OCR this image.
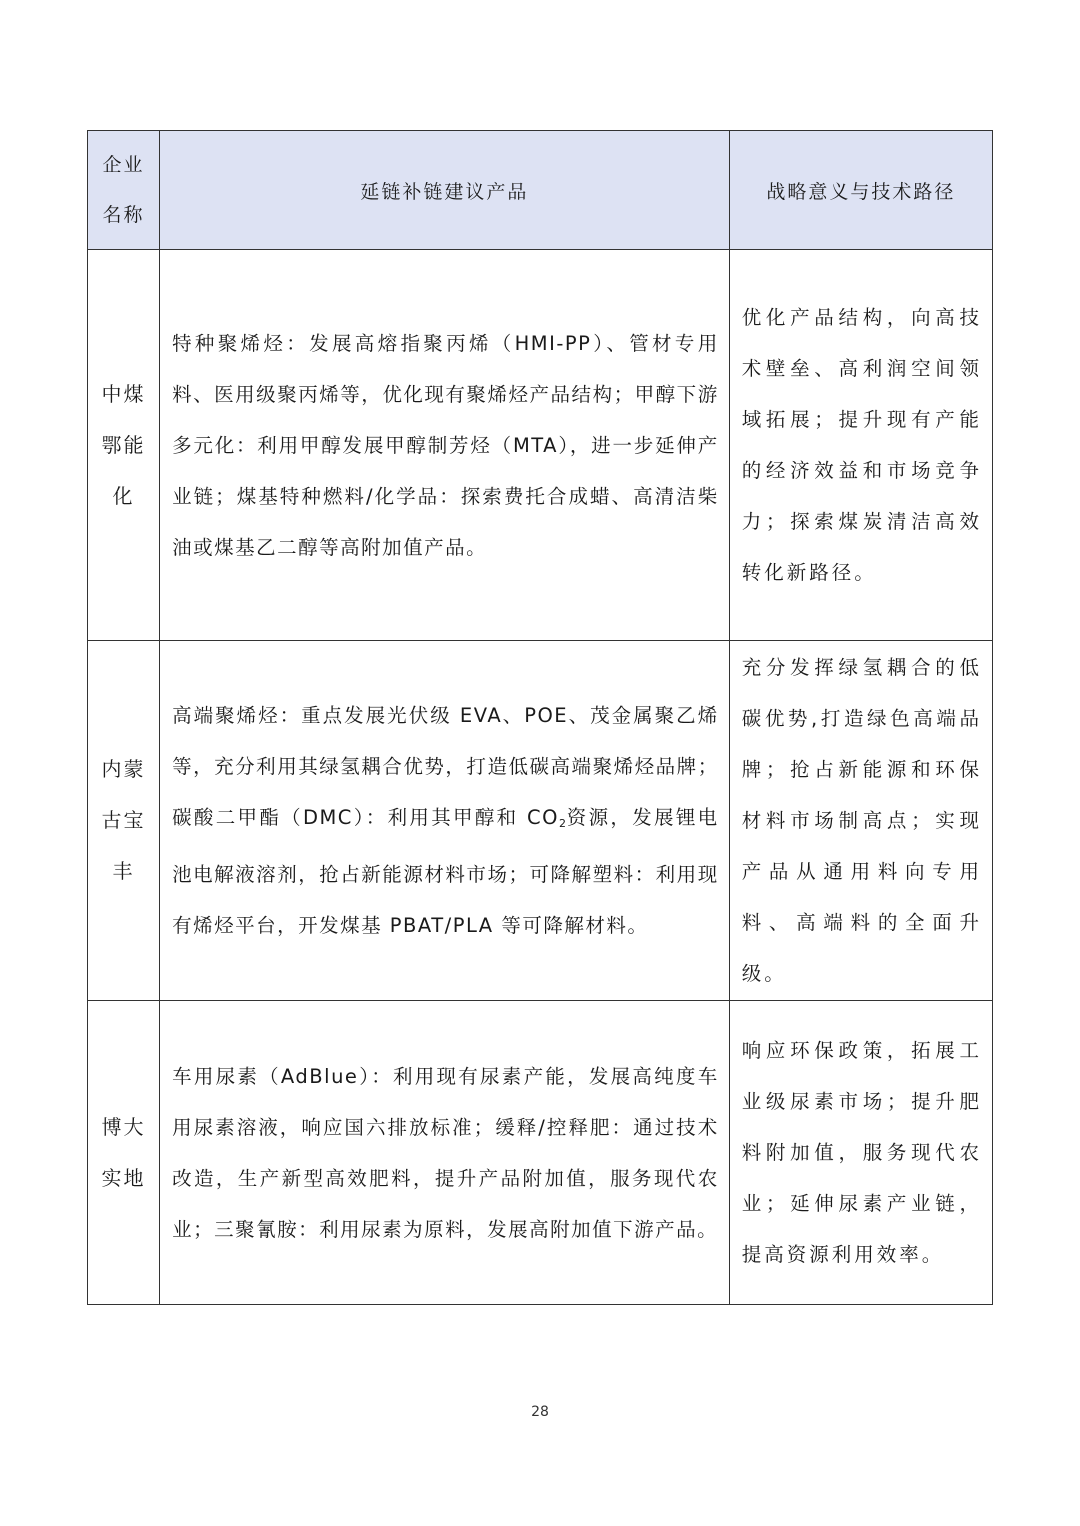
企业名称	延链补链建议产品	战略意义与技术路径
中煤鄂能化	特种聚烯烃：发展高熔指聚丙烯（HMI-PP）、管材专用料、医用级聚丙烯等，优化现有聚烯烃产品结构；甲醇下游多元化：利用甲醇发展甲醇制芳烃（MTA），进一步延伸产业链；煤基特种燃料/化学品：探索费托合成蜡、高清洁柴油或煤基乙二醇等高附加值产品。	优化产品结构，向高技术壁垒、高利润空间领域拓展；提升现有产能的经济效益和市场竞争力；探索煤炭清洁高效转化新路径。
内蒙古宝丰	高端聚烯烃：重点发展光伏级 EVA、POE、茂金属聚乙烯等，充分利用其绿氢耦合优势，打造低碳高端聚烯烃品牌；碳酸二甲酯（DMC）：利用其甲醇和 $CO_2$资源，发展锂电池电解液溶剂，抢占新能源材料市场；可降解塑料：利用现有烯烃平台，开发煤基 PBAT/PLA 等可降解材料。	充分发挥绿氢耦合的低碳优势,打造绿色高端品牌；抢占新能源和环保材料市场制高点；实现产品从通用料向专用料、高端料的全面升级。
博大实地	车用尿素（AdBlue）：利用现有尿素产能，发展高纯度车用尿素溶液，响应国六排放标准；缓释/控释肥：通过技术改造，生产新型高效肥料，提升产品附加值，服务现代农业；三聚氰胺：利用尿素为原料，发展高附加值下游产品。	响应环保政策，拓展工业级尿素市场；提升肥料附加值，服务现代农业；延伸尿素产业链，提高资源利用效率。
28
